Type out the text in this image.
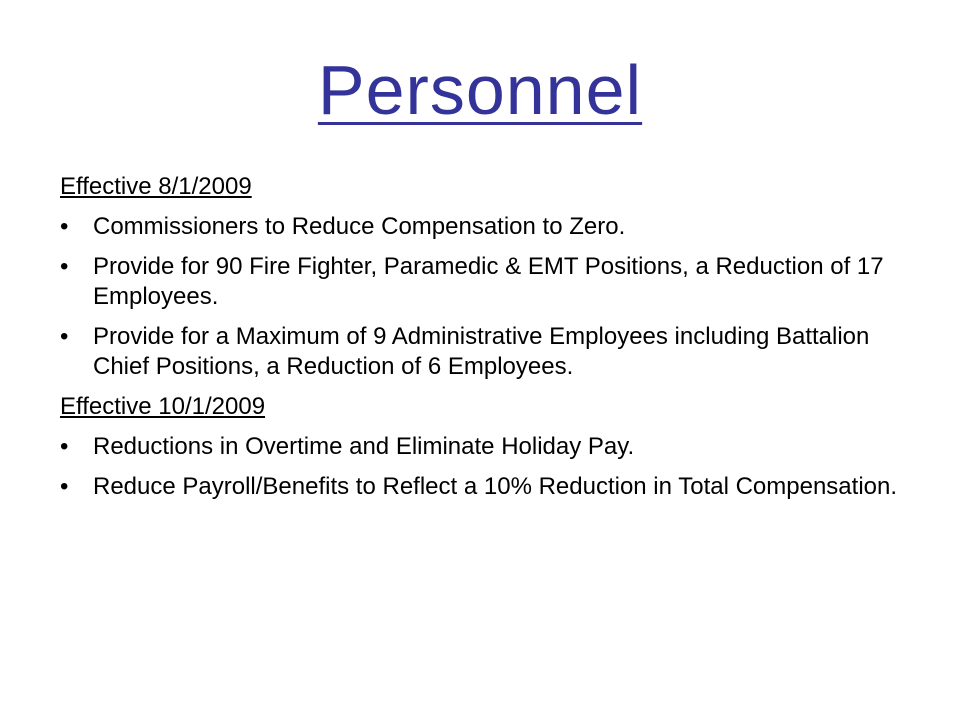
Personnel
Effective 8/1/2009
• Commissioners to Reduce Compensation to Zero.
• Provide for 90 Fire Fighter, Paramedic & EMT Positions, a Reduction of 17 Employees.
• Provide for a Maximum of 9 Administrative Employees including Battalion Chief Positions, a Reduction of 6 Employees.
Effective 10/1/2009
• Reductions in Overtime and Eliminate Holiday Pay.
• Reduce Payroll/Benefits to Reflect a 10% Reduction in Total Compensation.
